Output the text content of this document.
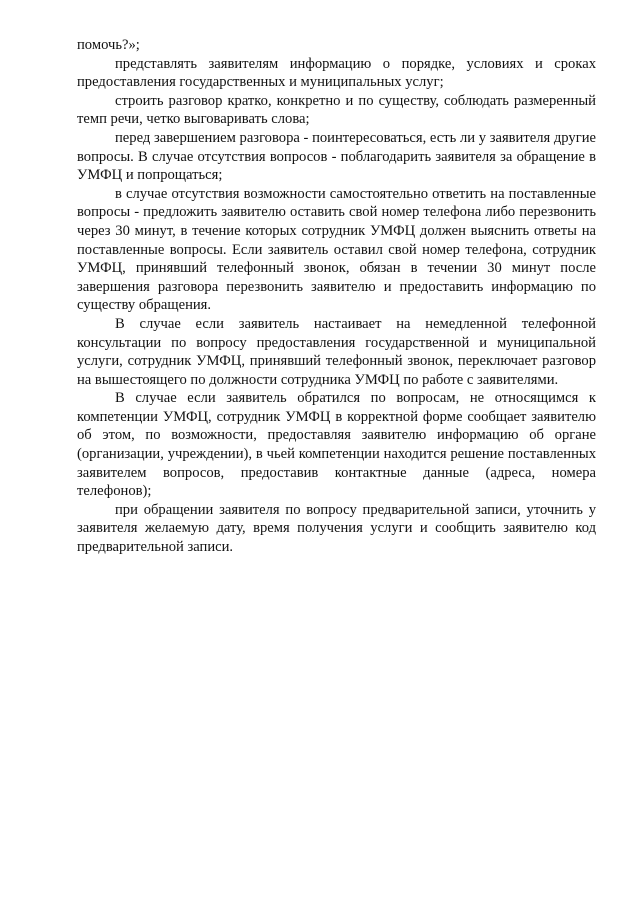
помочь?»;

представлять заявителям информацию о порядке, условиях и сроках предоставления государственных и муниципальных услуг;

строить разговор кратко, конкретно и по существу, соблюдать размеренный темп речи, четко выговаривать слова;

перед завершением разговора - поинтересоваться, есть ли у заявителя другие вопросы. В случае отсутствия вопросов - поблагодарить заявителя за обращение в УМФЦ и попрощаться;

в случае отсутствия возможности самостоятельно ответить на поставленные вопросы - предложить заявителю оставить свой номер телефона либо перезвонить через 30 минут, в течение которых сотрудник УМФЦ должен выяснить ответы на поставленные вопросы. Если заявитель оставил свой номер телефона, сотрудник УМФЦ, принявший телефонный звонок, обязан в течении 30 минут после завершения разговора перезвонить заявителю и предоставить информацию по существу обращения.

В случае если заявитель настаивает на немедленной телефонной консультации по вопросу предоставления государственной и муниципальной услуги, сотрудник УМФЦ, принявший телефонный звонок, переключает разговор на вышестоящего по должности сотрудника УМФЦ по работе с заявителями.

В случае если заявитель обратился по вопросам, не относящимся к компетенции УМФЦ, сотрудник УМФЦ в корректной форме сообщает заявителю об этом, по возможности, предоставляя заявителю информацию об органе (организации, учреждении), в чьей компетенции находится решение поставленных заявителем вопросов, предоставив контактные данные (адреса, номера телефонов);

при обращении заявителя по вопросу предварительной записи, уточнить у заявителя желаемую дату, время получения услуги и сообщить заявителю код предварительной записи.
